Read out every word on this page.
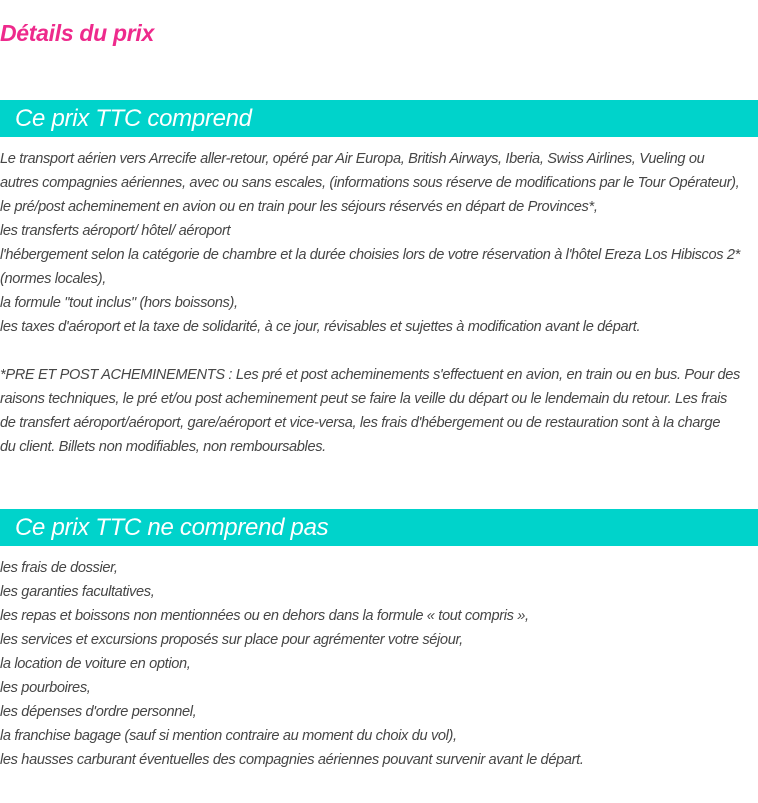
Détails du prix
Ce prix TTC comprend
Le transport aérien vers Arrecife aller-retour, opéré par Air Europa, British Airways, Iberia, Swiss Airlines, Vueling ou
autres compagnies aériennes, avec ou sans escales, (informations sous réserve de modifications par le Tour Opérateur),
le pré/post acheminement en avion ou en train pour les séjours réservés en départ de Provinces*,
les transferts aéroport/ hôtel/ aéroport
l'hébergement selon la catégorie de chambre et la durée choisies lors de votre réservation à l'hôtel Ereza Los Hibiscos 2*
(normes locales),
la formule "tout inclus" (hors boissons),
les taxes d'aéroport et la taxe de solidarité, à ce jour, révisables et sujettes à modification avant le départ.
*PRE ET POST ACHEMINEMENTS : Les pré et post acheminements s'effectuent en avion, en train ou en bus. Pour des
raisons techniques, le pré et/ou post acheminement peut se faire la veille du départ ou le lendemain du retour. Les frais
de transfert aéroport/aéroport, gare/aéroport et vice-versa, les frais d'hébergement ou de restauration sont à la charge
du client. Billets non modifiables, non remboursables.
Ce prix TTC ne comprend pas
les frais de dossier,
les garanties facultatives,
les repas et boissons non mentionnées ou en dehors dans la formule « tout compris »,
les services et excursions proposés sur place pour agrémenter votre séjour,
la location de voiture en option,
les pourboires,
les dépenses d'ordre personnel,
la franchise bagage (sauf si mention contraire au moment du choix du vol),
les hausses carburant éventuelles des compagnies aériennes pouvant survenir avant le départ.
